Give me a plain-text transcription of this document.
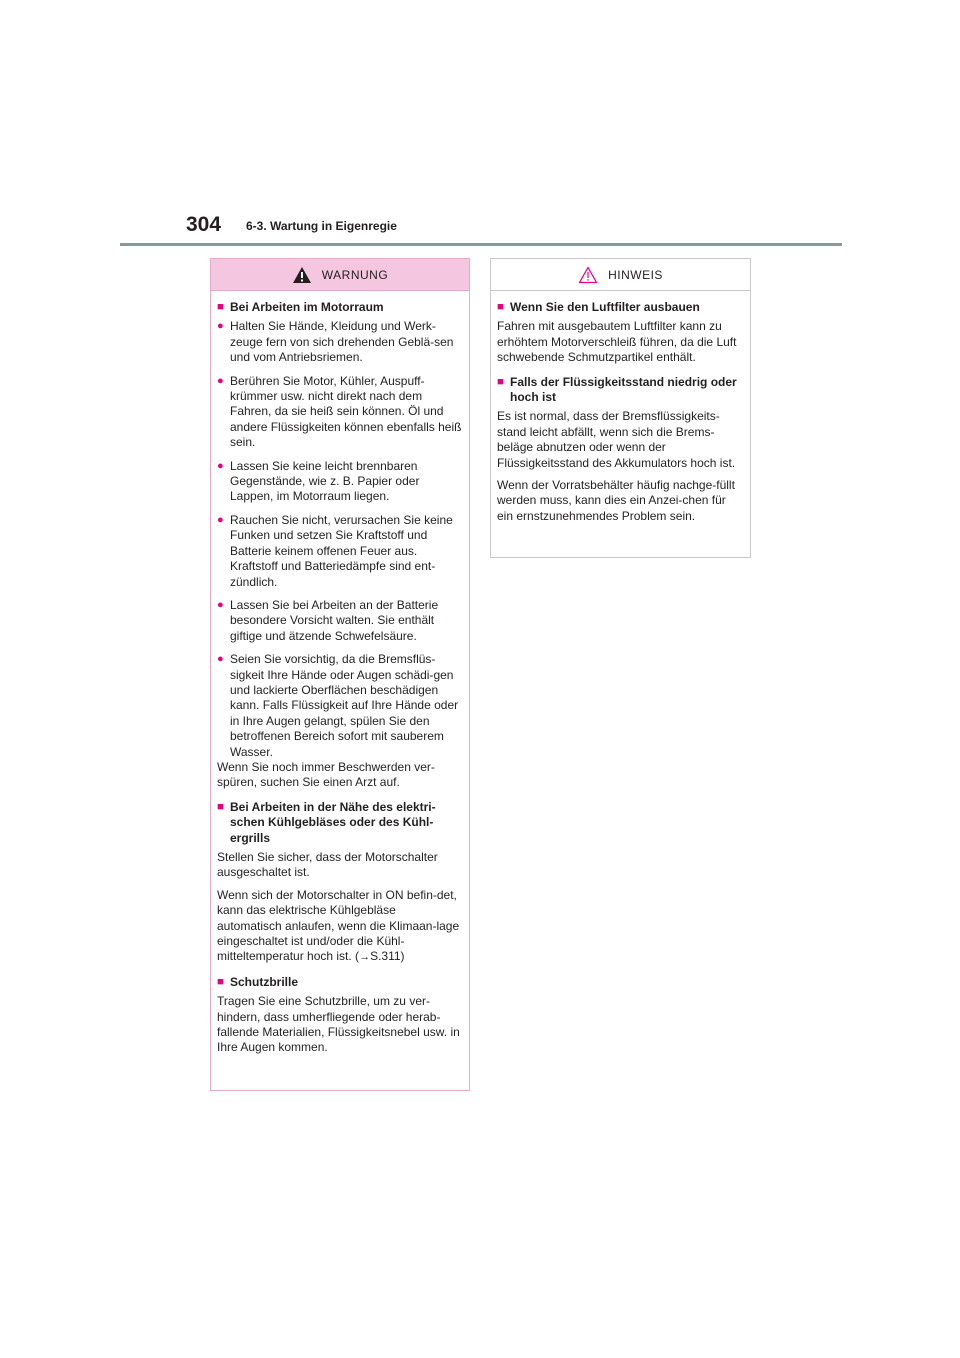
304 6-3. Wartung in Eigenregie
WARNUNG
■ Bei Arbeiten im Motorraum
● Halten Sie Hände, Kleidung und Werk-zeuge fern von sich drehenden Geblä-sen und vom Antriebsriemen.
● Berühren Sie Motor, Kühler, Auspuff-krümmer usw. nicht direkt nach dem Fahren, da sie heiß sein können. Öl und andere Flüssigkeiten können ebenfalls heiß sein.
● Lassen Sie keine leicht brennbaren Gegenstände, wie z. B. Papier oder Lappen, im Motorraum liegen.
● Rauchen Sie nicht, verursachen Sie keine Funken und setzen Sie Kraftstoff und Batterie keinem offenen Feuer aus. Kraftstoff und Batteriedämpfe sind ent-zündlich.
● Lassen Sie bei Arbeiten an der Batterie besondere Vorsicht walten. Sie enthält giftige und ätzende Schwefelsäure.
● Seien Sie vorsichtig, da die Bremsflüs-sigkeit Ihre Hände oder Augen schädi-gen und lackierte Oberflächen beschädigen kann. Falls Flüssigkeit auf Ihre Hände oder in Ihre Augen gelangt, spülen Sie den betroffenen Bereich sofort mit sauberem Wasser.
Wenn Sie noch immer Beschwerden ver-spüren, suchen Sie einen Arzt auf.
■ Bei Arbeiten in der Nähe des elektri-schen Kühlgebläses oder des Kühl-ergrills
Stellen Sie sicher, dass der Motorschalter ausgeschaltet ist.
Wenn sich der Motorschalter in ON befin-det, kann das elektrische Kühlgebläse automatisch anlaufen, wenn die Klimaan-lage eingeschaltet ist und/oder die Kühl-mitteltemperatur hoch ist. (→S.311)
■ Schutzbrille
Tragen Sie eine Schutzbrille, um zu ver-hindern, dass umherfliegende oder herab-fallende Materialien, Flüssigkeitsnebel usw. in Ihre Augen kommen.
HINWEIS
■ Wenn Sie den Luftfilter ausbauen
Fahren mit ausgebautem Luftfilter kann zu erhöhtem Motorverschleiß führen, da die Luft schwebende Schmutzpartikel enthält.
■ Falls der Flüssigkeitsstand niedrig oder hoch ist
Es ist normal, dass der Bremsflüssigkeits-stand leicht abfällt, wenn sich die Brems-beläge abnutzen oder wenn der Flüssigkeitsstand des Akkumulators hoch ist.
Wenn der Vorratsbehälter häufig nachge-füllt werden muss, kann dies ein Anzei-chen für ein ernstzunehmendes Problem sein.
